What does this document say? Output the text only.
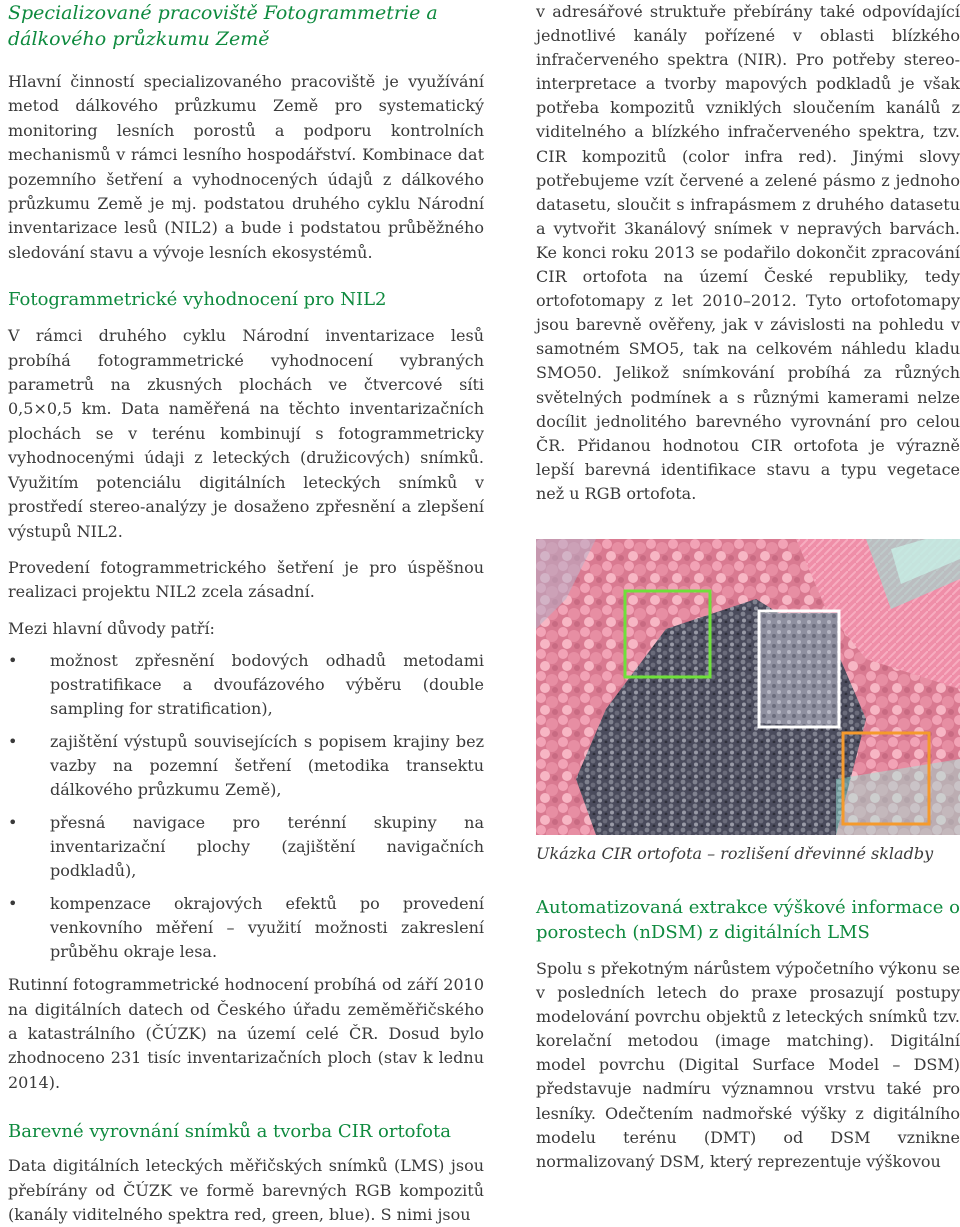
Specializované pracoviště Fotogrammetrie a dálkového průzkumu Země

Hlavní činností specializovaného pracoviště je využívání metod dálkového průzkumu Země pro systematický monitoring lesních porostů a podporu kontrolních mechanismů v rámci lesního hospodářství. Kombinace dat pozemního šetření a vyhodnocených údajů z dálkového průzkumu Země je mj. podstatou druhého cyklu Národní inventarizace lesů (NIL2) a bude i podstatou průběžného sledování stavu a vývoje lesních ekosystémů.

Fotogrammetrické vyhodnocení pro NIL2

V rámci druhého cyklu Národní inventarizace lesů probíhá fotogrammetrické vyhodnocení vybraných parametrů na zkusných plochách ve čtvercové síti 0,5×0,5 km. Data naměřená na těchto inventarizačních plochách se v terénu kombinují s fotogrammetricky vyhodnocenými údaji z leteckých (družicových) snímků. Využitím potenciálu digitálních leteckých snímků v prostředí stereo-analýzy je dosaženo zpřesnění a zlepšení výstupů NIL2.

Provedení fotogrammetrického šetření je pro úspěšnou realizaci projektu NIL2 zcela zásadní.

Mezi hlavní důvody patří:

• možnost zpřesnění bodových odhadů metodami postratifikace a dvoufázového výběru (double sampling for stratification),
• zajištění výstupů souvisejících s popisem krajiny bez vazby na pozemní šetření (metodika transektu dálkového průzkumu Země),
• přesná navigace pro terénní skupiny na inventarizační plochy (zajištění navigačních podkladů),
• kompenzace okrajových efektů po provedení venkovního měření – využití možnosti zakreslení průběhu okraje lesa.

Rutinní fotogrammetrické hodnocení probíhá od září 2010 na digitálních datech od Českého úřadu zeměměřičského a katastrálního (ČÚZK) na území celé ČR. Dosud bylo zhodnoceno 231 tisíc inventarizačních ploch (stav k lednu 2014).

Barevné vyrovnání snímků a tvorba CIR ortofota

Data digitálních leteckých měřičských snímků (LMS) jsou přebírány od ČÚZK ve formě barevných RGB kompozitů (kanály viditelného spektra red, green, blue). S nimi jsou

v adresářové struktuře přebírány také odpovídající jednotlivé kanály pořízené v oblasti blízkého infračerveného spektra (NIR). Pro potřeby stereo-interpretace a tvorby mapových podkladů je však potřeba kompozitů vzniklých sloučením kanálů z viditelného a blízkého infračerveného spektra, tzv. CIR kompozitů (color infra red). Jinými slovy potřebujeme vzít červené a zelené pásmo z jednoho datasetu, sloučit s infrapásmem z druhého datasetu a vytvořit 3kanálový snímek v nepravých barvách. Ke konci roku 2013 se podařilo dokončit zpracování CIR ortofota na území České republiky, tedy ortofotomapy z let 2010–2012. Tyto ortofotomapy jsou barevně ověřeny, jak v závislosti na pohledu v samotném SMO5, tak na celkovém náhledu kladu SMO50. Jelikož snímkování probíhá za různých světelných podmínek a s různými kamerami nelze docílit jednolitého barevného vyrovnání pro celou ČR. Přidanou hodnotou CIR ortofota je výrazně lepší barevná identifikace stavu a typu vegetace než u RGB ortofota.

Ukázka CIR ortofota – rozlišení dřevinné skladby
Automatizovaná extrakce výškové informace o porostech (nDSM) z digitálních LMS

Spolu s překotným nárůstem výpočetního výkonu se v posledních letech do praxe prosazují postupy modelování povrchu objektů z leteckých snímků tzv. korelační metodou (image matching). Digitální model povrchu (Digital Surface Model – DSM) představuje nadmíru významnou vrstvu také pro lesníky. Odečtením nadmořské výšky z digitálního modelu terénu (DMT) od DSM vznikne normalizovaný DSM, který reprezentuje výškovou
